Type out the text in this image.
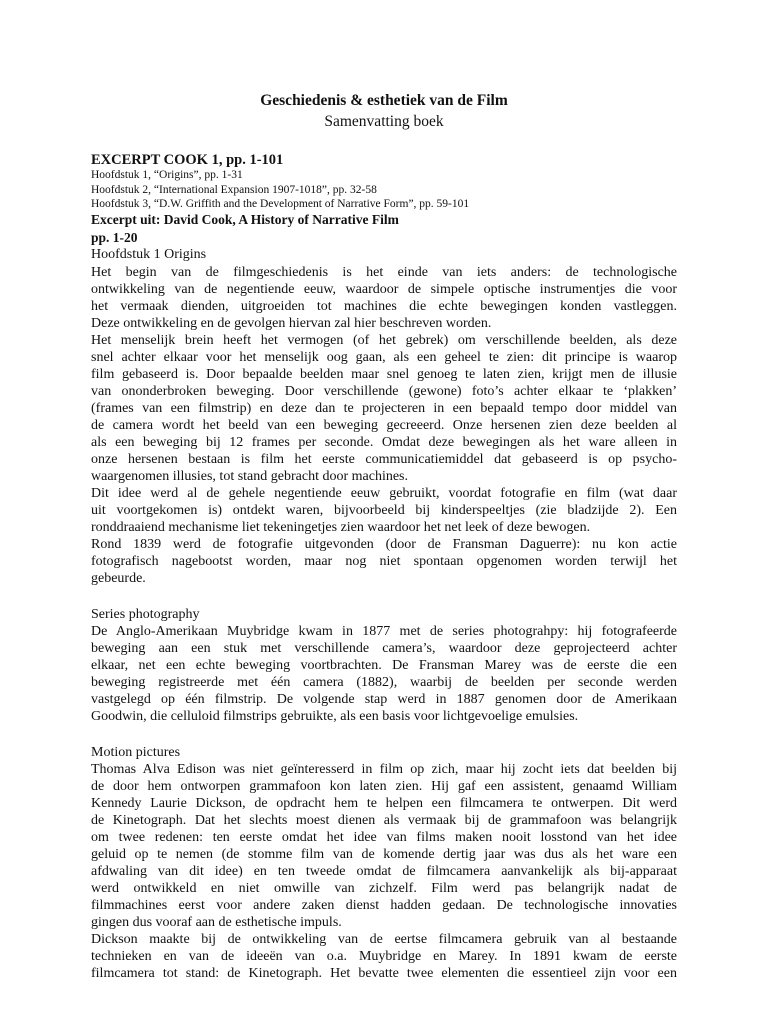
Geschiedenis & esthetiek van de Film
Samenvatting boek
EXCERPT COOK 1, pp. 1-101
Hoofdstuk 1, “Origins”, pp. 1-31
Hoofdstuk 2, “International Expansion 1907-1018”, pp. 32-58
Hoofdstuk 3, “D.W. Griffith and the Development of Narrative Form”, pp. 59-101
Excerpt uit: David Cook, A History of Narrative Film
pp. 1-20
Hoofdstuk 1 Origins
Het begin van de filmgeschiedenis is het einde van iets anders: de technologische
ontwikkeling van de negentiende eeuw, waardoor de simpele optische instrumentjes die voor
het vermaak dienden, uitgroeiden tot machines die echte bewegingen konden vastleggen.
Deze ontwikkeling en de gevolgen hiervan zal hier beschreven worden.
Het menselijk brein heeft het vermogen (of het gebrek) om verschillende beelden, als deze
snel achter elkaar voor het menselijk oog gaan, als een geheel te zien: dit principe is waarop
film gebaseerd is. Door bepaalde beelden maar snel genoeg te laten zien, krijgt men de illusie
van ononderbroken beweging. Door verschillende (gewone) foto’s achter elkaar te ‘plakken’
(frames van een filmstrip) en deze dan te projecteren in een bepaald tempo door middel van
de camera wordt het beeld van een beweging gecreeerd. Onze hersenen zien deze beelden al
als een beweging bij 12 frames per seconde. Omdat deze bewegingen als het ware alleen in
onze hersenen bestaan is film het eerste communicatiemiddel dat gebaseerd is op psycho-
waargenomen illusies, tot stand gebracht door machines.
Dit idee werd al de gehele negentiende eeuw gebruikt, voordat fotografie en film (wat daar
uit voortgekomen is) ontdekt waren, bijvoorbeeld bij kinderspeeltjes (zie bladzijde 2). Een
ronddraaiend mechanisme liet tekeningetjes zien waardoor het net leek of deze bewogen.
Rond 1839 werd de fotografie uitgevonden (door de Fransman Daguerre): nu kon actie
fotografisch nagebootst worden, maar nog niet spontaan opgenomen worden terwijl het
gebeurde.
Series photography
De Anglo-Amerikaan Muybridge kwam in 1877 met de series photograhpy: hij fotografeerde
beweging aan een stuk met verschillende camera’s, waardoor deze geprojecteerd achter
elkaar, net een echte beweging voortbrachten. De Fransman Marey was de eerste die een
beweging registreerde met één camera (1882), waarbij de beelden per seconde werden
vastgelegd op één filmstrip. De volgende stap werd in 1887 genomen door de Amerikaan
Goodwin, die celluloid filmstrips gebruikte, als een basis voor lichtgevoelige emulsies.
Motion pictures
Thomas Alva Edison was niet geïnteresserd in film op zich, maar hij zocht iets dat beelden bij
de door hem ontworpen grammafoon kon laten zien. Hij gaf een assistent, genaamd William
Kennedy Laurie Dickson, de opdracht hem te helpen een filmcamera te ontwerpen. Dit werd
de Kinetograph. Dat het slechts moest dienen als vermaak bij de grammafoon was belangrijk
om twee redenen: ten eerste omdat het idee van films maken nooit losstond van het idee
geluid op te nemen (de stomme film van de komende dertig jaar was dus als het ware een
afdwaling van dit idee) en ten tweede omdat de filmcamera aanvankelijk als bij-apparaat
werd ontwikkeld en niet omwille van zichzelf. Film werd pas belangrijk nadat de
filmmachines eerst voor andere zaken dienst hadden gedaan. De technologische innovaties
gingen dus vooraf aan de esthetische impuls.
Dickson maakte bij de ontwikkeling van de eertse filmcamera gebruik van al bestaande
technieken en van de ideeën van o.a. Muybridge en Marey. In 1891 kwam de eerste
filmcamera tot stand: de Kinetograph. Het bevatte twee elementen die essentieel zijn voor een
